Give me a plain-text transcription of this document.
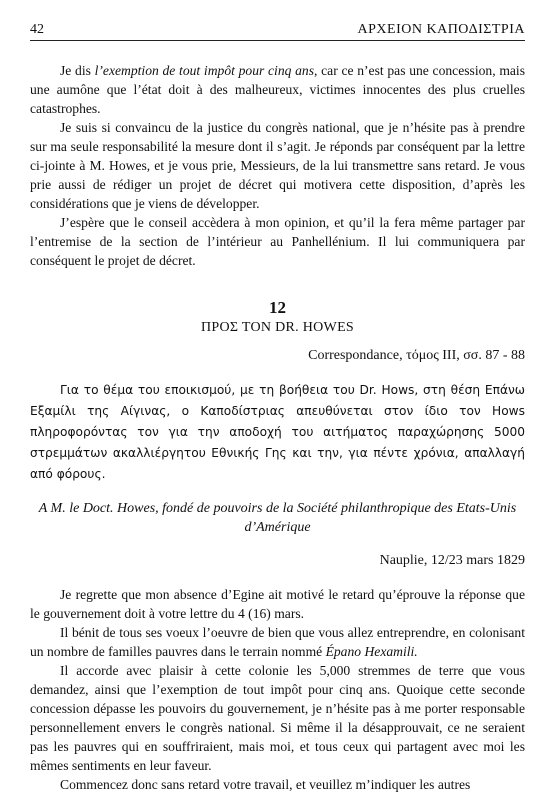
42	ΑΡΧΕΙΟΝ ΚΑΠΟΔΙΣΤΡΙΑ

Je dis l’exemption de tout impôt pour cinq ans, car ce n’est pas une concession, mais une aumône que l’état doit à des malheureux, victimes innocentes des plus cruelles catastrophes.

Je suis si convaincu de la justice du congrès national, que je n’hésite pas à prendre sur ma seule responsabilité la mesure dont il s’agit. Je réponds par conséquent par la lettre ci-jointe à M. Howes, et je vous prie, Messieurs, de la lui transmettre sans retard. Je vous prie aussi de rédiger un projet de décret qui motivera cette disposition, d’après les considérations que je viens de développer.

J’espère que le conseil accèdera à mon opinion, et qu’il la fera même partager par l’entremise de la section de l’intérieur au Panhellénium. Il lui communiquera par conséquent le projet de décret.

12
ΠΡΟΣ ΤΟΝ DR. HOWES
Correspondance, τόμος III, σσ. 87 - 88

Για το θέμα του εποικισμού, με τη βοήθεια του Dr. Hows, στη θέση Επάνω Εξαμίλι της Αίγινας, ο Καποδίστριας απευθύνεται στον ίδιο τον Hows πληροφορόντας τον για την αποδοχή του αιτήματος παραχώρησης 5000 στρεμμάτων ακαλλιέργητου Εθνικής Γης και την, για πέντε χρόνια, απαλλαγή από φόρους.

A M. le Doct. Howes, fondé de pouvoirs de la Société philanthropique des Etats-Unis d’Amérique
Nauplie, 12/23 mars 1829

Je regrette que mon absence d’Egine ait motivé le retard qu’éprouve la réponse que le gouvernement doit à votre lettre du 4 (16) mars.

Il bénit de tous ses voeux l’oeuvre de bien que vous allez entreprendre, en colonisant un nombre de familles pauvres dans le terrain nommé Épano Hexamili.

Il accorde avec plaisir à cette colonie les 5,000 stremmes de terre que vous demandez, ainsi que l’exemption de tout impôt pour cinq ans. Quoique cette seconde concession dépasse les pouvoirs du gouvernement, je n’hésite pas à me porter responsable personnellement envers le congrès national. Si même il la désapprouvait, ce ne seraient pas les pauvres qui en souffriraient, mais moi, et tous ceux qui partagent avec moi les mêmes sentiments en leur faveur.

Commencez donc sans retard votre travail, et veuillez m’indiquer les autres
